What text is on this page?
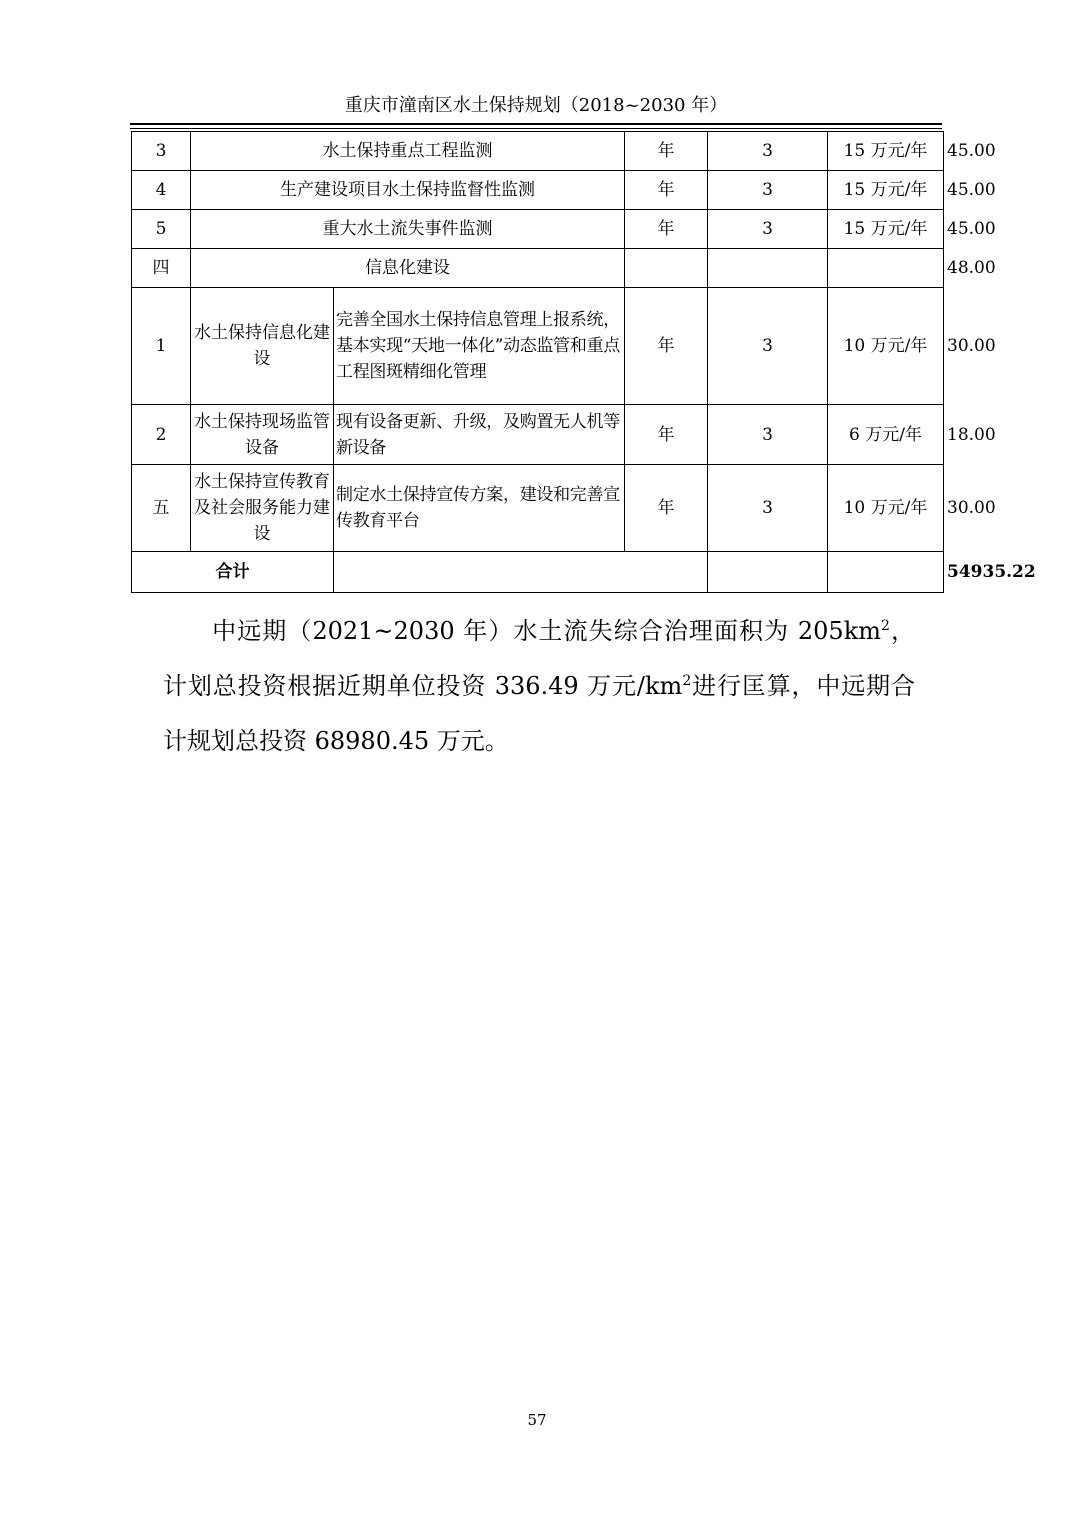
重庆市潼南区水土保持规划（2018~2030 年）
3	水土保持重点工程监测		年	3	15 万元/年	45.00
4	生产建设项目水土保持监督性监测		年	3	15 万元/年	45.00
5	重大水土流失事件监测		年	3	15 万元/年	45.00
四	信息化建设					48.00
1	水土保持信息化建设	完善全国水土保持信息管理上报系统，基本实现“天地一体化”动态监管和重点工程图斑精细化管理	年	3	10 万元/年	30.00
2	水土保持现场监管设备	现有设备更新、升级，及购置无人机等新设备	年	3	6 万元/年	18.00
五	水土保持宣传教育及社会服务能力建设	制定水土保持宣传方案，建设和完善宣传教育平台	年	3	10 万元/年	30.00
合计						54935.22

中远期（2021~2030 年）水土流失综合治理面积为 $205km^2$，计划总投资根据近期单位投资 336.49 万元$/km^2$进行匡算，中远期合计规划总投资 68980.45 万元。

57
